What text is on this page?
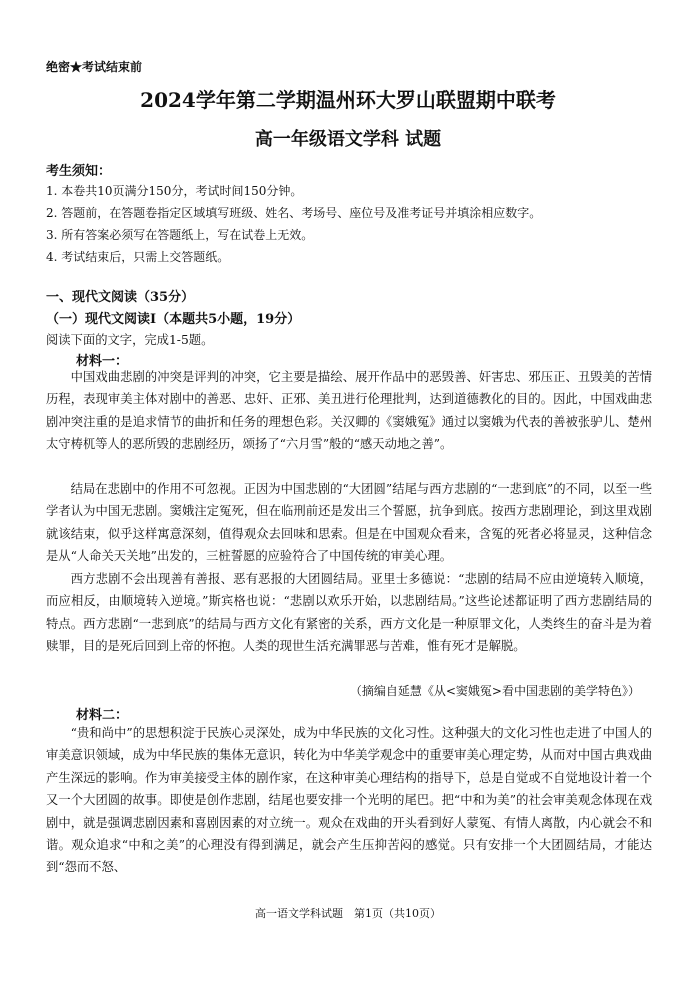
绝密★考试结束前
2024学年第二学期温州环大罗山联盟期中联考
高一年级语文学科 试题
考生须知：
1. 本卷共10页满分150分，考试时间150分钟。
2. 答题前，在答题卷指定区域填写班级、姓名、考场号、座位号及准考证号并填涂相应数字。
3. 所有答案必须写在答题纸上，写在试卷上无效。
4. 考试结束后，只需上交答题纸。
一、现代文阅读（35分）
（一）现代文阅读Ⅰ（本题共5小题，19分）
阅读下面的文字，完成1-5题。
材料一：
中国戏曲悲剧的冲突是评判的冲突，它主要是描绘、展开作品中的恶毁善、奸害忠、邪压正、丑毁美的苦情历程，表现审美主体对剧中的善恶、忠奸、正邪、美丑进行伦理批判，达到道德教化的目的。因此，中国戏曲悲剧冲突注重的是追求情节的曲折和任务的理想色彩。关汉卿的《窦娥冤》通过以窦娥为代表的善被张驴儿、楚州太守梼杌等人的恶所毁的悲剧经历，颂扬了“六月雪”般的“感天动地之善”。
结局在悲剧中的作用不可忽视。正因为中国悲剧的“大团圆”结尾与西方悲剧的“一悲到底”的不同，以至一些学者认为中国无悲剧。窦娥注定冤死，但在临刑前还是发出三个誓愿，抗争到底。按西方悲剧理论，到这里戏剧就该结束，似乎这样寓意深刻，值得观众去回味和思索。但是在中国观众看来，含冤的死者必将显灵，这种信念是从“人命关天关地”出发的，三桩誓愿的应验符合了中国传统的审美心理。
西方悲剧不会出现善有善报、恶有恶报的大团圆结局。亚里士多德说：“悲剧的结局不应由逆境转入顺境，而应相反，由顺境转入逆境。”斯宾格也说：“悲剧以欢乐开始，以悲剧结局。”这些论述都证明了西方悲剧结局的特点。西方悲剧“一悲到底”的结局与西方文化有紧密的关系，西方文化是一种原罪文化，人类终生的奋斗是为着赎罪，目的是死后回到上帝的怀抱。人类的现世生活充满罪恶与苦难，惟有死才是解脱。
（摘编自延慧《从<窦娥冤>看中国悲剧的美学特色》）
材料二：
“贵和尚中”的思想积淀于民族心灵深处，成为中华民族的文化习性。这种强大的文化习性也走进了中国人的审美意识领域，成为中华民族的集体无意识，转化为中华美学观念中的重要审美心理定势，从而对中国古典戏曲产生深远的影响。作为审美接受主体的剧作家，在这种审美心理结构的指导下，总是自觉或不自觉地设计着一个又一个大团圆的故事。即使是创作悲剧，结尾也要安排一个光明的尾巴。把“中和为美”的社会审美观念体现在戏剧中，就是强调悲剧因素和喜剧因素的对立统一。观众在戏曲的开头看到好人蒙冤、有情人离散，内心就会不和谐。观众追求“中和之美”的心理没有得到满足，就会产生压抑苦闷的感觉。只有安排一个大团圆结局，才能达到“怨而不怒、
高一语文学科试题　第1页（共10页）
